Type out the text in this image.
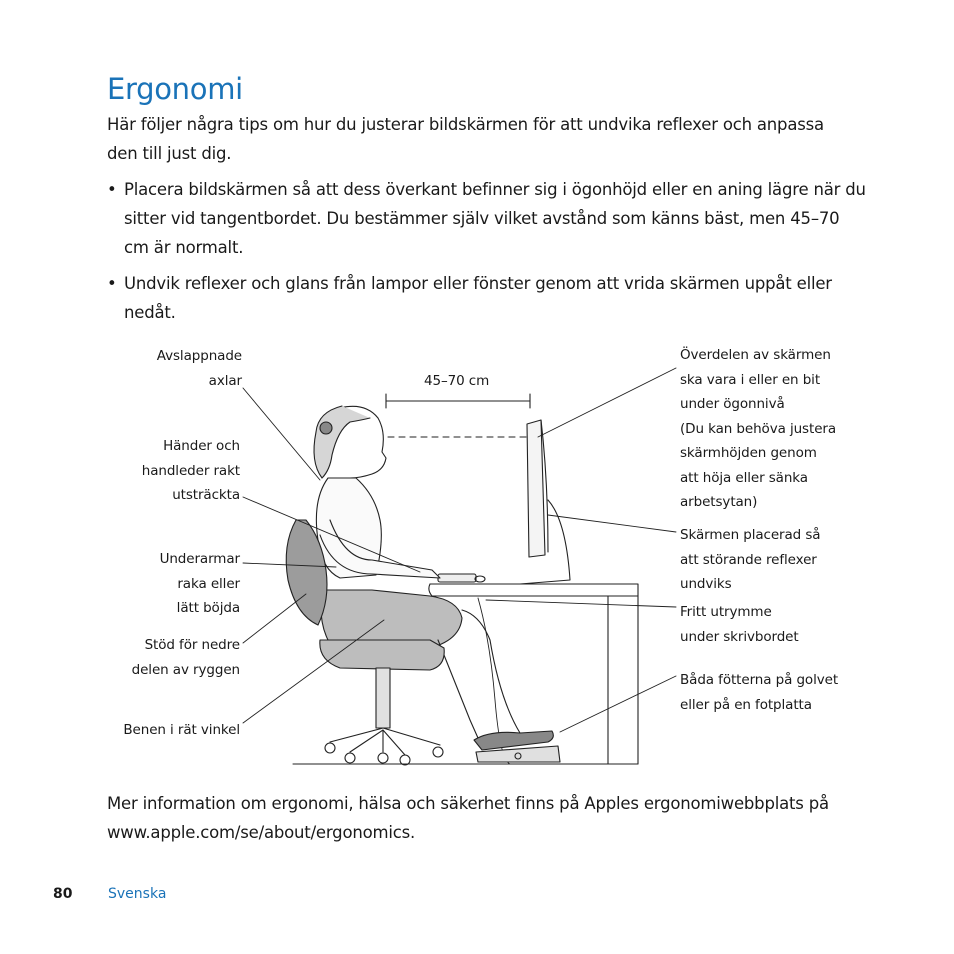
Ergonomi

Här följer några tips om hur du justerar bildskärmen för att undvika reflexer och anpassa den till just dig.

• Placera bildskärmen så att dess överkant befinner sig i ögonhöjd eller en aning lägre när du sitter vid tangentbordet. Du bestämmer själv vilket avstånd som känns bäst, men 45–70 cm är normalt.

• Undvik reflexer och glans från lampor eller fönster genom att vrida skärmen uppåt eller nedåt.

45–70 cm
Avslappnade
axlar
Händer och
handleder rakt
utsträckta
Underarmar
raka eller
lätt böjda
Stöd för nedre
delen av ryggen
Benen i rät vinkel
Överdelen av skärmen
ska vara i eller en bit
under ögonnivå
(Du kan behöva justera
skärmhöjden genom
att höja eller sänka
arbetsytan)
Skärmen placerad så
att störande reflexer
undviks
Fritt utrymme
under skrivbordet
Båda fötterna på golvet
eller på en fotplatta

Mer information om ergonomi, hälsa och säkerhet finns på Apples ergonomiwebbplats på www.apple.com/se/about/ergonomics.

80	Svenska
